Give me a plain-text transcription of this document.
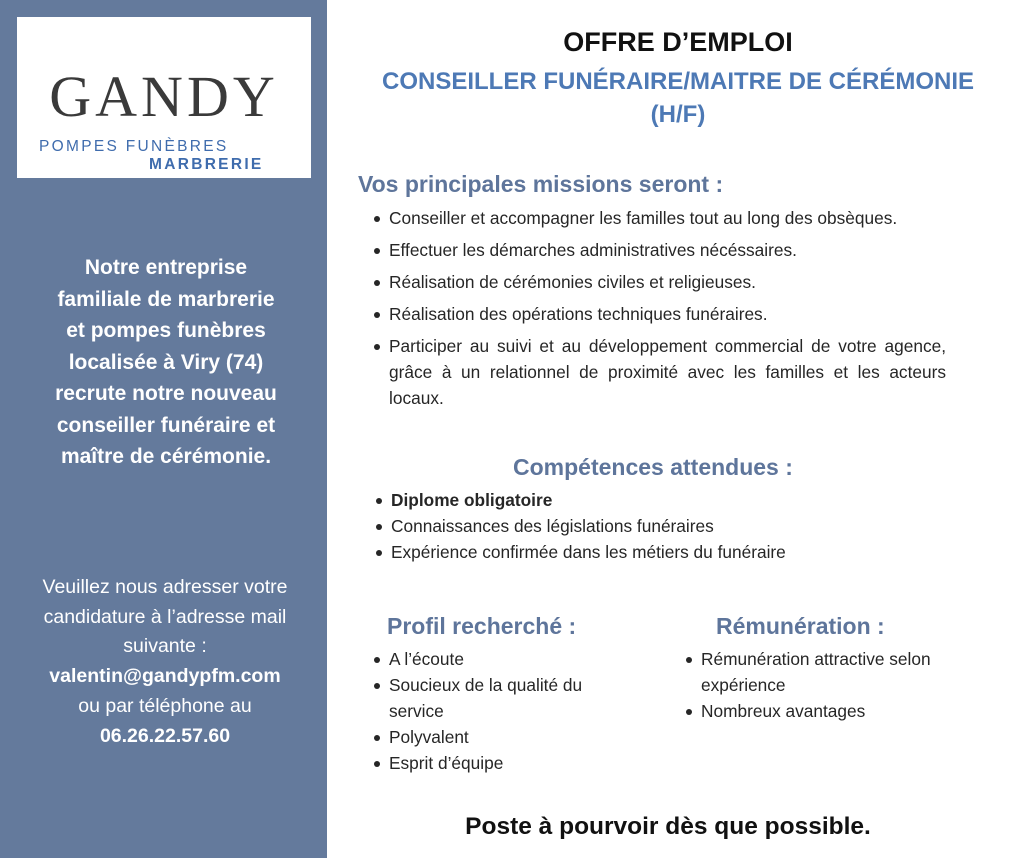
GANDY
POMPES FUNÈBRES
MARBRERIE
Notre entreprise
familiale de marbrerie
et pompes funèbres
localisée à Viry (74)
recrute notre nouveau
conseiller funéraire et
maître de cérémonie.
Veuillez nous adresser votre
candidature à l’adresse mail
suivante :
valentin@gandypfm.com
ou par téléphone au
06.26.22.57.60
OFFRE D’EMPLOI
CONSEILLER FUNÉRAIRE/MAITRE DE CÉRÉMONIE
(H/F)
Vos principales missions seront :
Conseiller et accompagner les familles tout au long des obsèques.
Effectuer les démarches administratives nécéssaires.
Réalisation de cérémonies civiles et religieuses.
Réalisation des opérations techniques funéraires.
Participer au suivi et au développement commercial de votre agence, grâce à un relationnel de proximité avec les familles et les acteurs locaux.
Compétences attendues :
Diplome obligatoire
Connaissances des législations funéraires
Expérience confirmée dans les métiers du funéraire
Profil recherché :
A l’écoute
Soucieux de la qualité du service
Polyvalent
Esprit d’équipe
Rémunération :
Rémunération attractive selon expérience
Nombreux avantages
Poste à pourvoir dès que possible.
